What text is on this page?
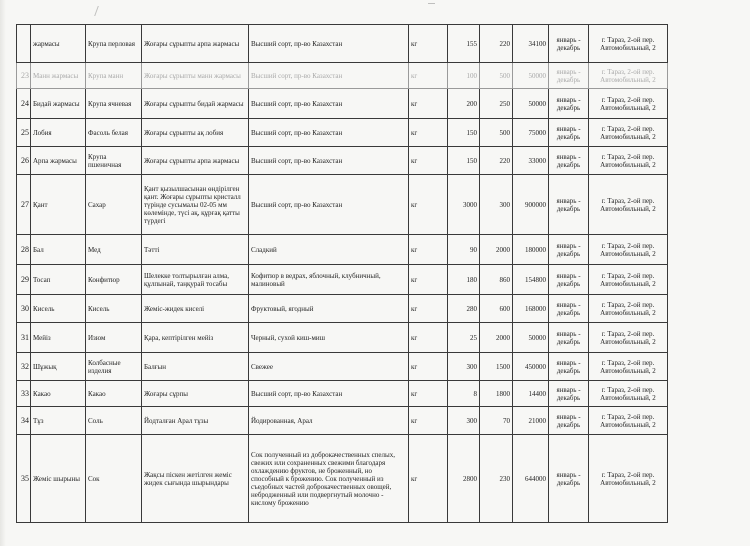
	жармасы	Крупа перловая	Жоғары сұрыпты арпа жармасы	Высший сорт, пр-во Казахстан	кг	155	220	34100	январь - декабрь	г. Тараз, 2-ой пер. Автомобильный, 2	
23	Манн жармасы	Крупа манн	Жоғары сұрыпты манн жармасы	Высший сорт, пр-во Казахстан	кг	100	500	50000	январь - декабрь	г. Тараз, 2-ой пер. Автомобильный, 2	
24	Бидай жармасы	Крупа ячневая	Жоғары сұрыпты бидай жармасы	Высший сорт, пр-во Казахстан	кг	200	250	50000	январь - декабрь	г. Тараз, 2-ой пер. Автомобильный, 2	
25	Лобия	Фасоль белая	Жоғары сұрыпты ақ лобия	Высший сорт, пр-во Казахстан	кг	150	500	75000	январь - декабрь	г. Тараз, 2-ой пер. Автомобильный, 2	
26	Арпа жармасы	Крупа пшеничная	Жоғары сұрыпты арпа жармасы	Высший сорт, пр-во Казахстан	кг	150	220	33000	январь - декабрь	г. Тараз, 2-ой пер. Автомобильный, 2	
27	Қант	Сахар	Қант қызылшасынан өндірілген қант. Жоғары сұрыпты кристалл түрінде сусымалы 02-05 мм көлемінде, түсі ақ, құрғақ қатты түрдегі	Высший сорт, пр-во Казахстан	кг	3000	300	900000	январь - декабрь	г. Тараз, 2-ой пер. Автомобильный, 2	
28	Бал	Мед	Тәтті	Сладкий	кг	90	2000	180000	январь - декабрь	г. Тараз, 2-ой пер. Автомобильный, 2	
29	Тосап	Конфитюр	Шелекке толтырылған алма, құлпынай, таңқурай тосабы	Кофитюр в ведрах, яблочный, клубничный, малиновый	кг	180	860	154800	январь - декабрь	г. Тараз, 2-ой пер. Автомобильный, 2	
30	Кисель	Кисель	Жеміс-жидек киселі	Фруктовый, ягодный	кг	280	600	168000	январь - декабрь	г. Тараз, 2-ой пер. Автомобильный, 2	
31	Мейіз	Изюм	Қара, кептірілген мейіз	Черный, сухой киш-миш	кг	25	2000	50000	январь - декабрь	г. Тараз, 2-ой пер. Автомобильный, 2	
32	Шұжық	Колбасные изделия	Балғын	Свежее	кг	300	1500	450000	январь - декабрь	г. Тараз, 2-ой пер. Автомобильный, 2	
33	Какао	Какао	Жоғары сұрпы	Высший сорт, пр-во Казахстан	кг	8	1800	14400	январь - декабрь	г. Тараз, 2-ой пер. Автомобильный, 2	
34	Тұз	Соль	Йодталған Арал тұзы	Йодированная, Арал	кг	300	70	21000	январь - декабрь	г. Тараз, 2-ой пер. Автомобильный, 2	
35	Жеміс шырыны	Сок	Жақсы піскен жетілген жеміс жидек сығында шырындары	Сок полученный из доброкачественных спелых, свежих или сохраненных свежими благодаря охлаждению фруктов, не броженный, но способный к брожению. Сок полученный из съедобных частей доброкачественных овощей, небродженный или подвергнутый молочно - кислому брожению	кг	2800	230	644000	январь - декабрь	г. Тараз, 2-ой пер. Автомобильный, 2	
